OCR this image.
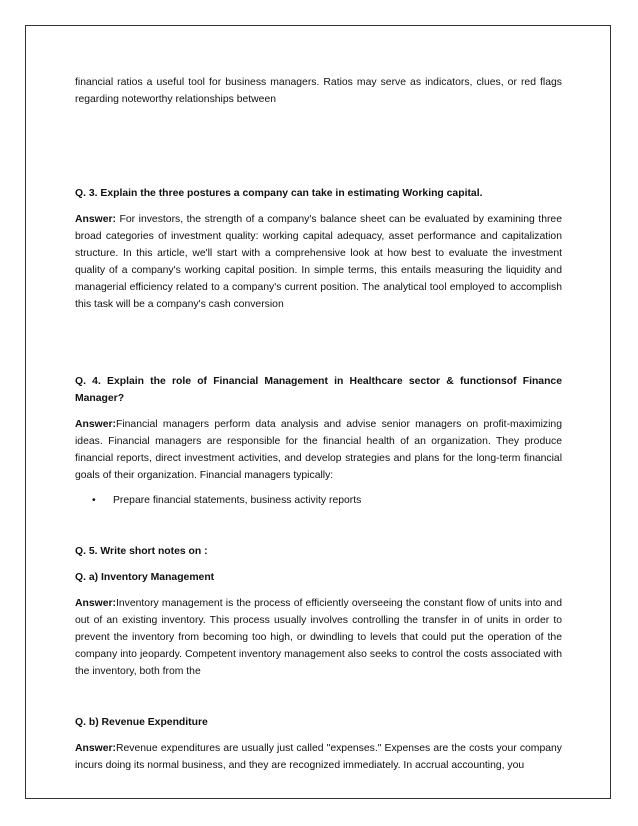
financial ratios a useful tool for business managers. Ratios may serve as indicators, clues, or red flags regarding noteworthy relationships between

Q. 3. Explain the three postures a company can take in estimating Working capital.

Answer: For investors, the strength of a company's balance sheet can be evaluated by examining three broad categories of investment quality: working capital adequacy, asset performance and capitalization structure. In this article, we'll start with a comprehensive look at how best to evaluate the investment quality of a company's working capital position. In simple terms, this entails measuring the liquidity and managerial efficiency related to a company's current position. The analytical tool employed to accomplish this task will be a company's cash conversion

Q. 4. Explain the role of Financial Management in Healthcare sector & functionsof Finance Manager?

Answer:Financial managers perform data analysis and advise senior managers on profit-maximizing ideas. Financial managers are responsible for the financial health of an organization. They produce financial reports, direct investment activities, and develop strategies and plans for the long-term financial goals of their organization. Financial managers typically:

•	Prepare financial statements, business activity reports

Q. 5. Write short notes on :

Q. a) Inventory Management

Answer:Inventory management is the process of efficiently overseeing the constant flow of units into and out of an existing inventory. This process usually involves controlling the transfer in of units in order to prevent the inventory from becoming too high, or dwindling to levels that could put the operation of the company into jeopardy. Competent inventory management also seeks to control the costs associated with the inventory, both from the

Q. b) Revenue Expenditure

Answer:Revenue expenditures are usually just called "expenses." Expenses are the costs your company incurs doing its normal business, and they are recognized immediately. In accrual accounting, you
